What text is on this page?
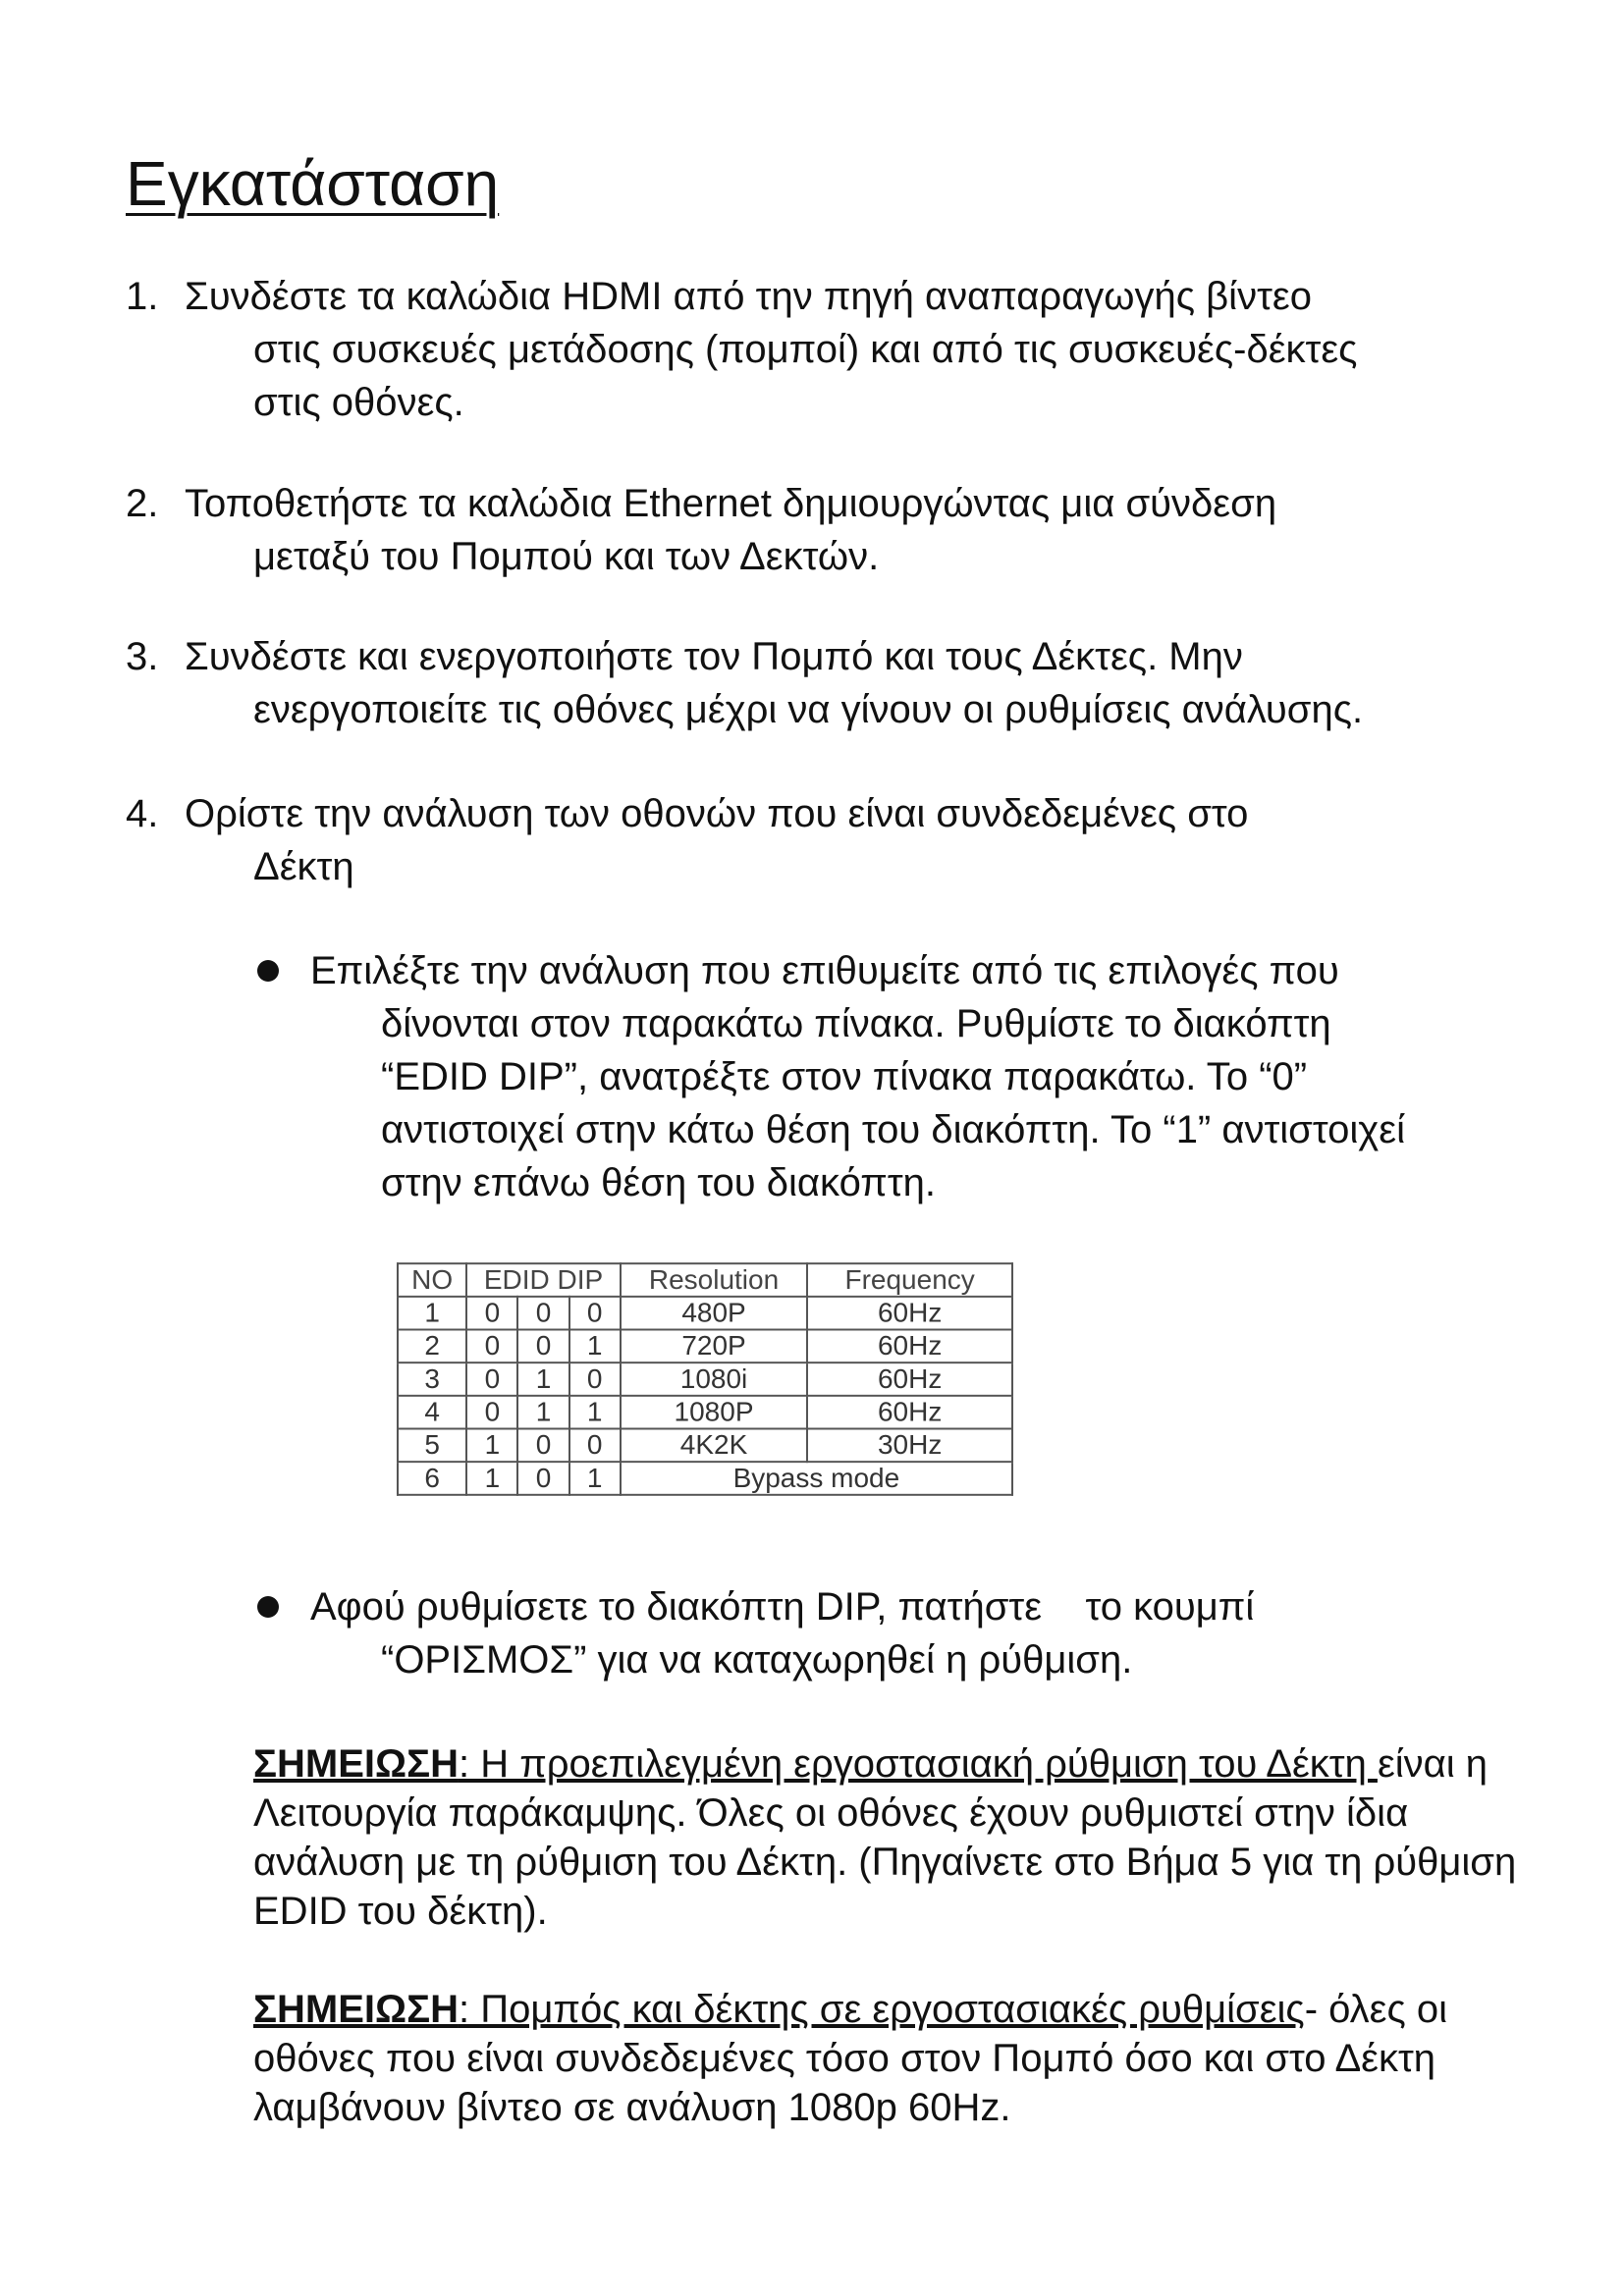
Εγκατάσταση
1. Συνδέστε τα καλώδια HDMI από την πηγή αναπαραγωγής βίντεο
στις συσκευές μετάδοσης (πομποί) και από τις συσκευές-δέκτες
στις οθόνες.
2. Τοποθετήστε τα καλώδια Ethernet δημιουργώντας μια σύνδεση
μεταξύ του Πομπού και των Δεκτών.
3. Συνδέστε και ενεργοποιήστε τον Πομπό και τους Δέκτες. Μην
ενεργοποιείτε τις οθόνες μέχρι να γίνουν οι ρυθμίσεις ανάλυσης.
4. Ορίστε την ανάλυση των οθονών που είναι συνδεδεμένες στο
Δέκτη
Επιλέξτε την ανάλυση που επιθυμείτε από τις επιλογές που
δίνονται στον παρακάτω πίνακα. Ρυθμίστε το διακόπτη
“EDID DIP”, ανατρέξτε στον πίνακα παρακάτω. Το “0”
αντιστοιχεί στην κάτω θέση του διακόπτη. Το “1” αντιστοιχεί
στην επάνω θέση του διακόπτη.
NO	EDID DIP			Resolution	Frequency
1	0	0	0	480P	60Hz
2	0	0	1	720P	60Hz
3	0	1	0	1080i	60Hz
4	0	1	1	1080P	60Hz
5	1	0	0	4K2K	30Hz
6	1	0	1	Bypass mode	
Αφού ρυθμίσετε το διακόπτη DIP, πατήστε    το κουμπί
“ΟΡΙΣΜΟΣ” για να καταχωρηθεί η ρύθμιση.
ΣΗΜΕΙΩΣΗ: Η προεπιλεγμένη εργοστασιακή ρύθμιση του Δέκτη είναι η Λειτουργία παράκαμψης. Όλες οι οθόνες έχουν ρυθμιστεί στην ίδια ανάλυση με τη ρύθμιση του Δέκτη. (Πηγαίνετε στο Βήμα 5 για τη ρύθμιση EDID του δέκτη).
ΣΗΜΕΙΩΣΗ: Πομπός και δέκτης σε εργοστασιακές ρυθμίσεις- όλες οι οθόνες που είναι συνδεδεμένες τόσο στον Πομπό όσο και στο Δέκτη λαμβάνουν βίντεο σε ανάλυση 1080p 60Hz.
